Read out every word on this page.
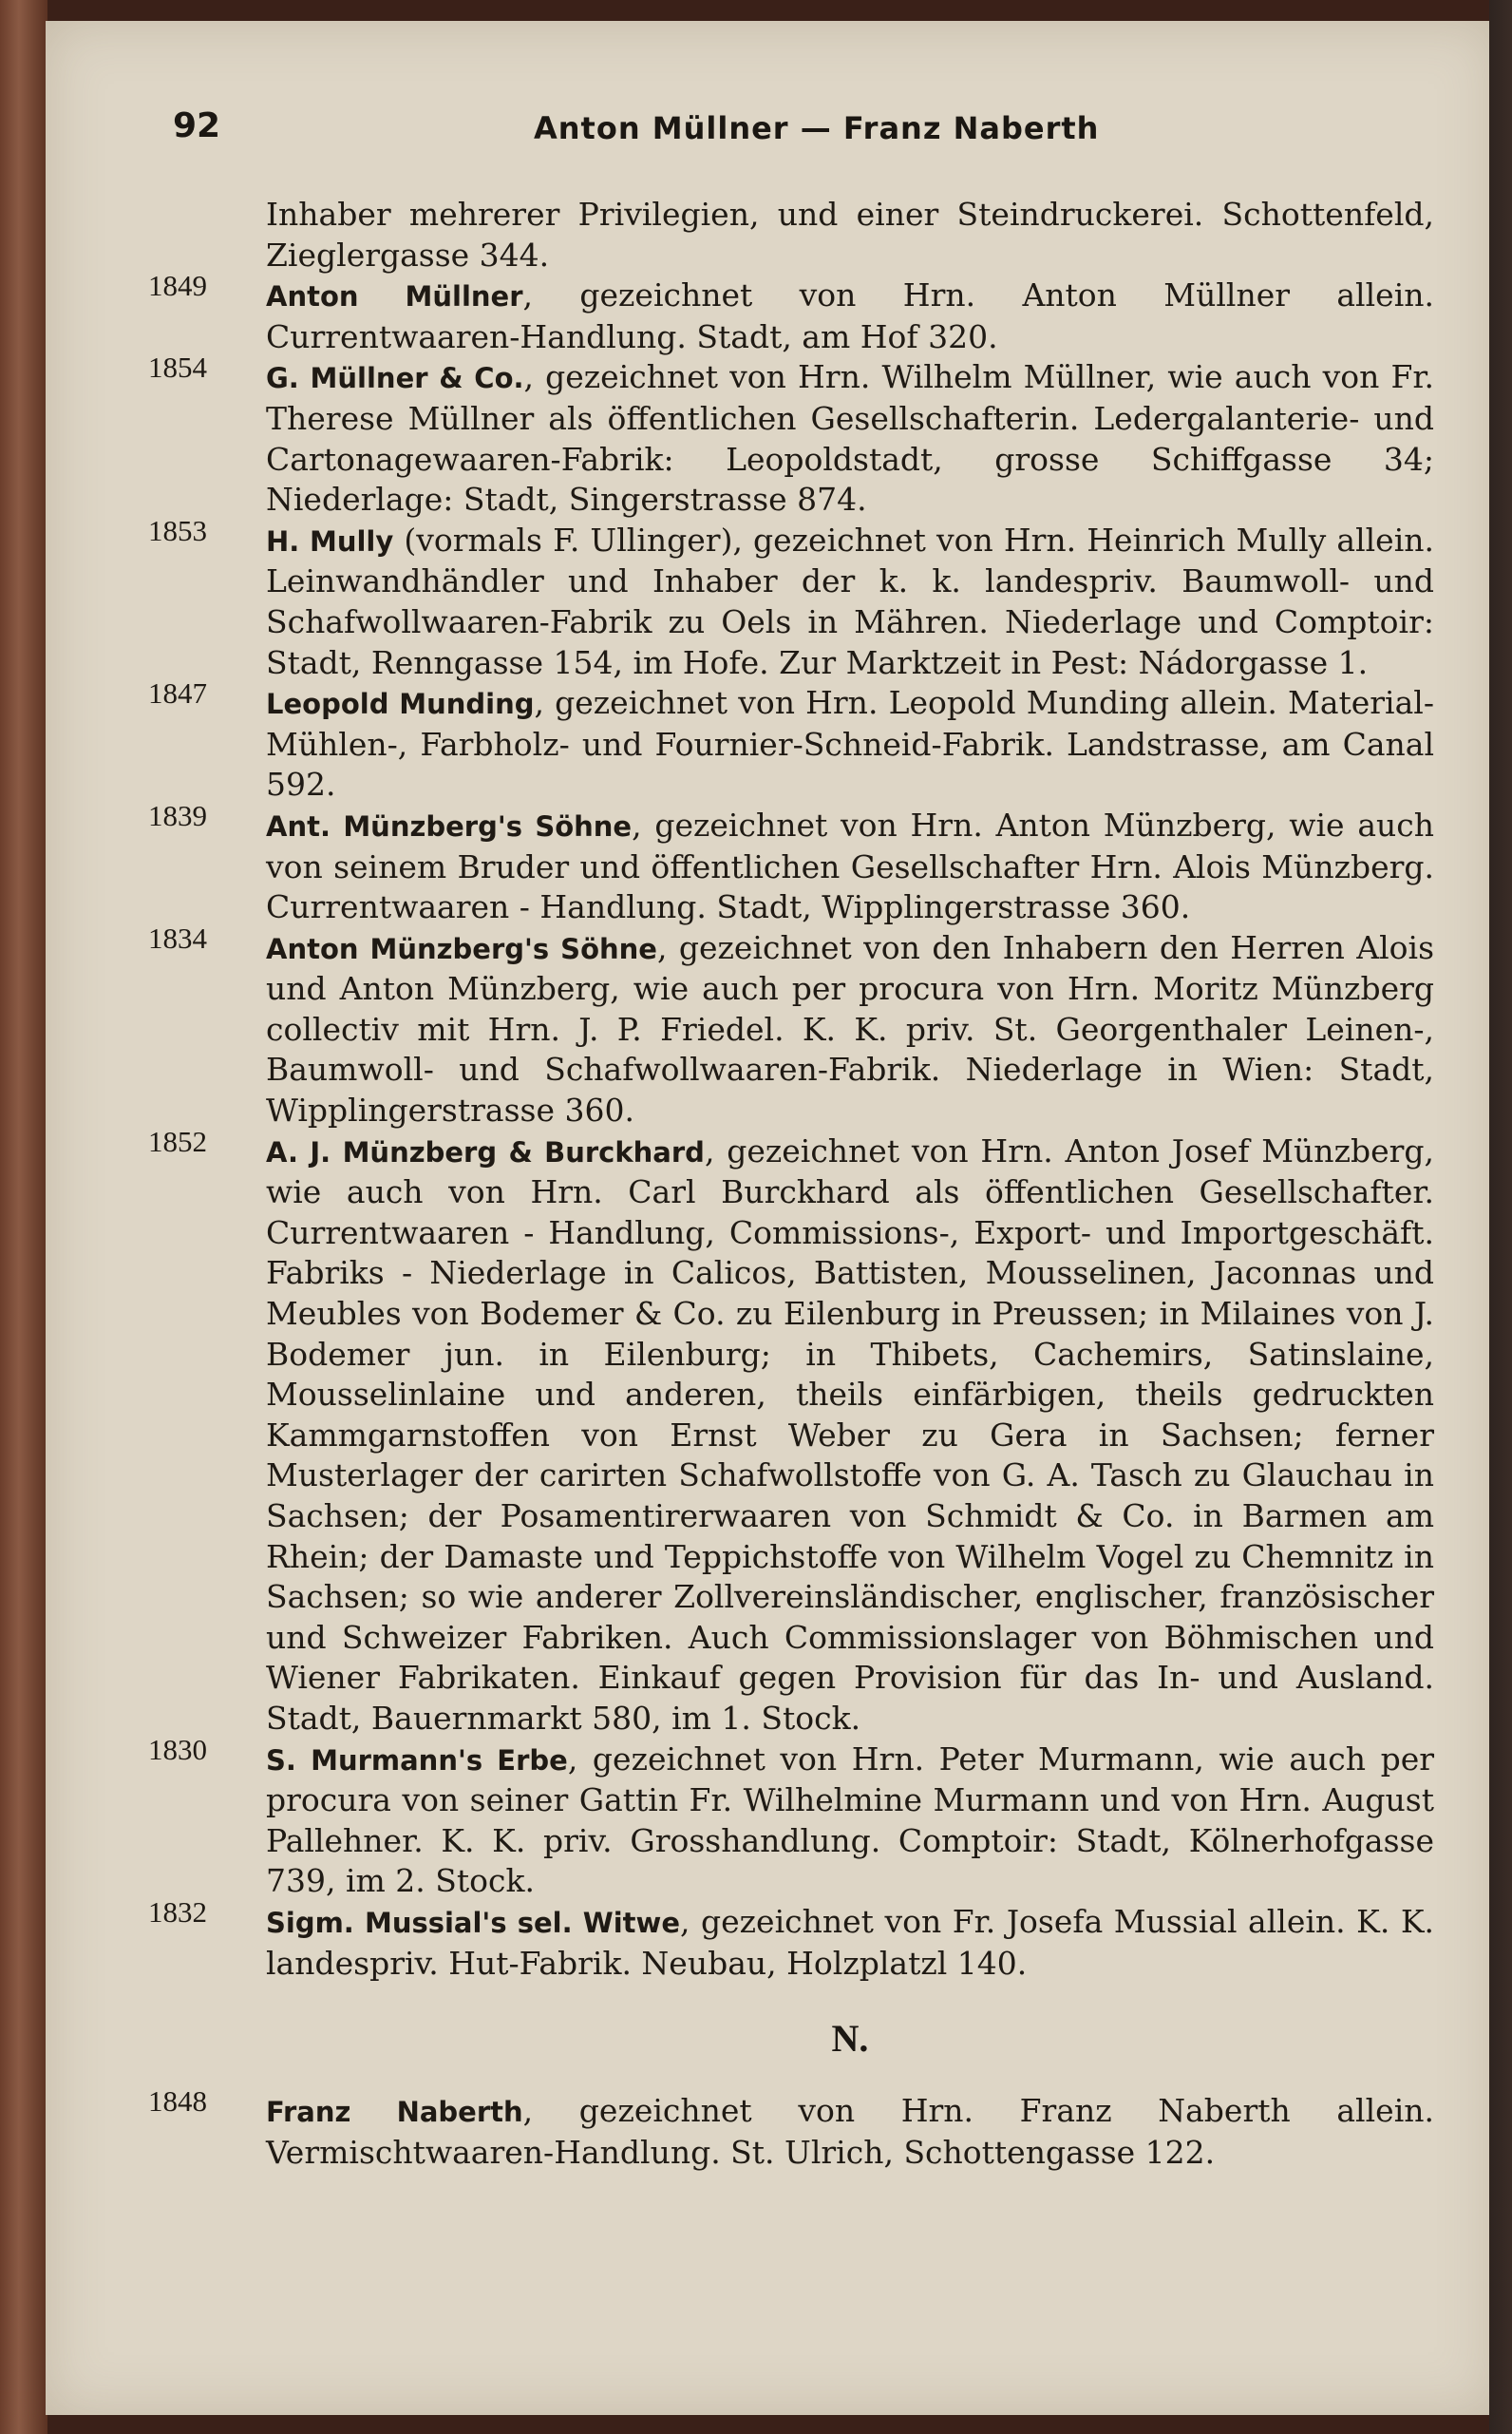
92	Anton Müllner — Franz Naberth
Inhaber mehrerer Privilegien, und einer Steindruckerei. Schottenfeld, Zieglergasse 344.
1849 Anton Müllner, gezeichnet von Hrn. Anton Müllner allein. Currentwaaren-Handlung. Stadt, am Hof 320.
1854 G. Müllner & Co., gezeichnet von Hrn. Wilhelm Müllner, wie auch von Fr. Therese Müllner als öffentlichen Gesellschafterin. Ledergalanterie- und Cartonagewaaren-Fabrik: Leopoldstadt, grosse Schiffgasse 34; Niederlage: Stadt, Singerstrasse 874.
1853 H. Mully (vormals F. Ullinger), gezeichnet von Hrn. Heinrich Mully allein. Leinwandhändler und Inhaber der k. k. landespriv. Baumwoll- und Schafwollwaaren-Fabrik zu Oels in Mähren. Niederlage und Comptoir: Stadt, Renngasse 154, im Hofe. Zur Marktzeit in Pest: Nádorgasse 1.
1847 Leopold Munding, gezeichnet von Hrn. Leopold Munding allein. Material-Mühlen-, Farbholz- und Fournier-Schneid-Fabrik. Landstrasse, am Canal 592.
1839 Ant. Münzberg's Söhne, gezeichnet von Hrn. Anton Münzberg, wie auch von seinem Bruder und öffentlichen Gesellschafter Hrn. Alois Münzberg. Currentwaaren - Handlung. Stadt, Wipplingerstrasse 360.
1834 Anton Münzberg's Söhne, gezeichnet von den Inhabern den Herren Alois und Anton Münzberg, wie auch per procura von Hrn. Moritz Münzberg collectiv mit Hrn. J. P. Friedel. K. K. priv. St. Georgenthaler Leinen-, Baumwoll- und Schafwollwaaren-Fabrik. Niederlage in Wien: Stadt, Wipplingerstrasse 360.
1852 A. J. Münzberg & Burckhard, gezeichnet von Hrn. Anton Josef Münzberg, wie auch von Hrn. Carl Burckhard als öffentlichen Gesellschafter. Currentwaaren - Handlung, Commissions-, Export- und Importgeschäft. Fabriks - Niederlage in Calicos, Battisten, Mousselinen, Jaconnas und Meubles von Bodemer & Co. zu Eilenburg in Preussen; in Milaines von J. Bodemer jun. in Eilenburg; in Thibets, Cachemirs, Satinslaine, Mousselinlaine und anderen, theils einfärbigen, theils gedruckten Kammgarnstoffen von Ernst Weber zu Gera in Sachsen; ferner Musterlager der carirten Schafwollstoffe von G. A. Tasch zu Glauchau in Sachsen; der Posamentirerwaaren von Schmidt & Co. in Barmen am Rhein; der Damaste und Teppichstoffe von Wilhelm Vogel zu Chemnitz in Sachsen; so wie anderer Zollvereinsländischer, englischer, französischer und Schweizer Fabriken. Auch Commissionslager von Böhmischen und Wiener Fabrikaten. Einkauf gegen Provision für das In- und Ausland. Stadt, Bauernmarkt 580, im 1. Stock.
1830 S. Murmann's Erbe, gezeichnet von Hrn. Peter Murmann, wie auch per procura von seiner Gattin Fr. Wilhelmine Murmann und von Hrn. August Pallehner. K. K. priv. Grosshandlung. Comptoir: Stadt, Kölnerhofgasse 739, im 2. Stock.
1832 Sigm. Mussial's sel. Witwe, gezeichnet von Fr. Josefa Mussial allein. K. K. landespriv. Hut-Fabrik. Neubau, Holzplatzl 140.
N.
1848 Franz Naberth, gezeichnet von Hrn. Franz Naberth allein. Vermischtwaaren-Handlung. St. Ulrich, Schottengasse 122.
